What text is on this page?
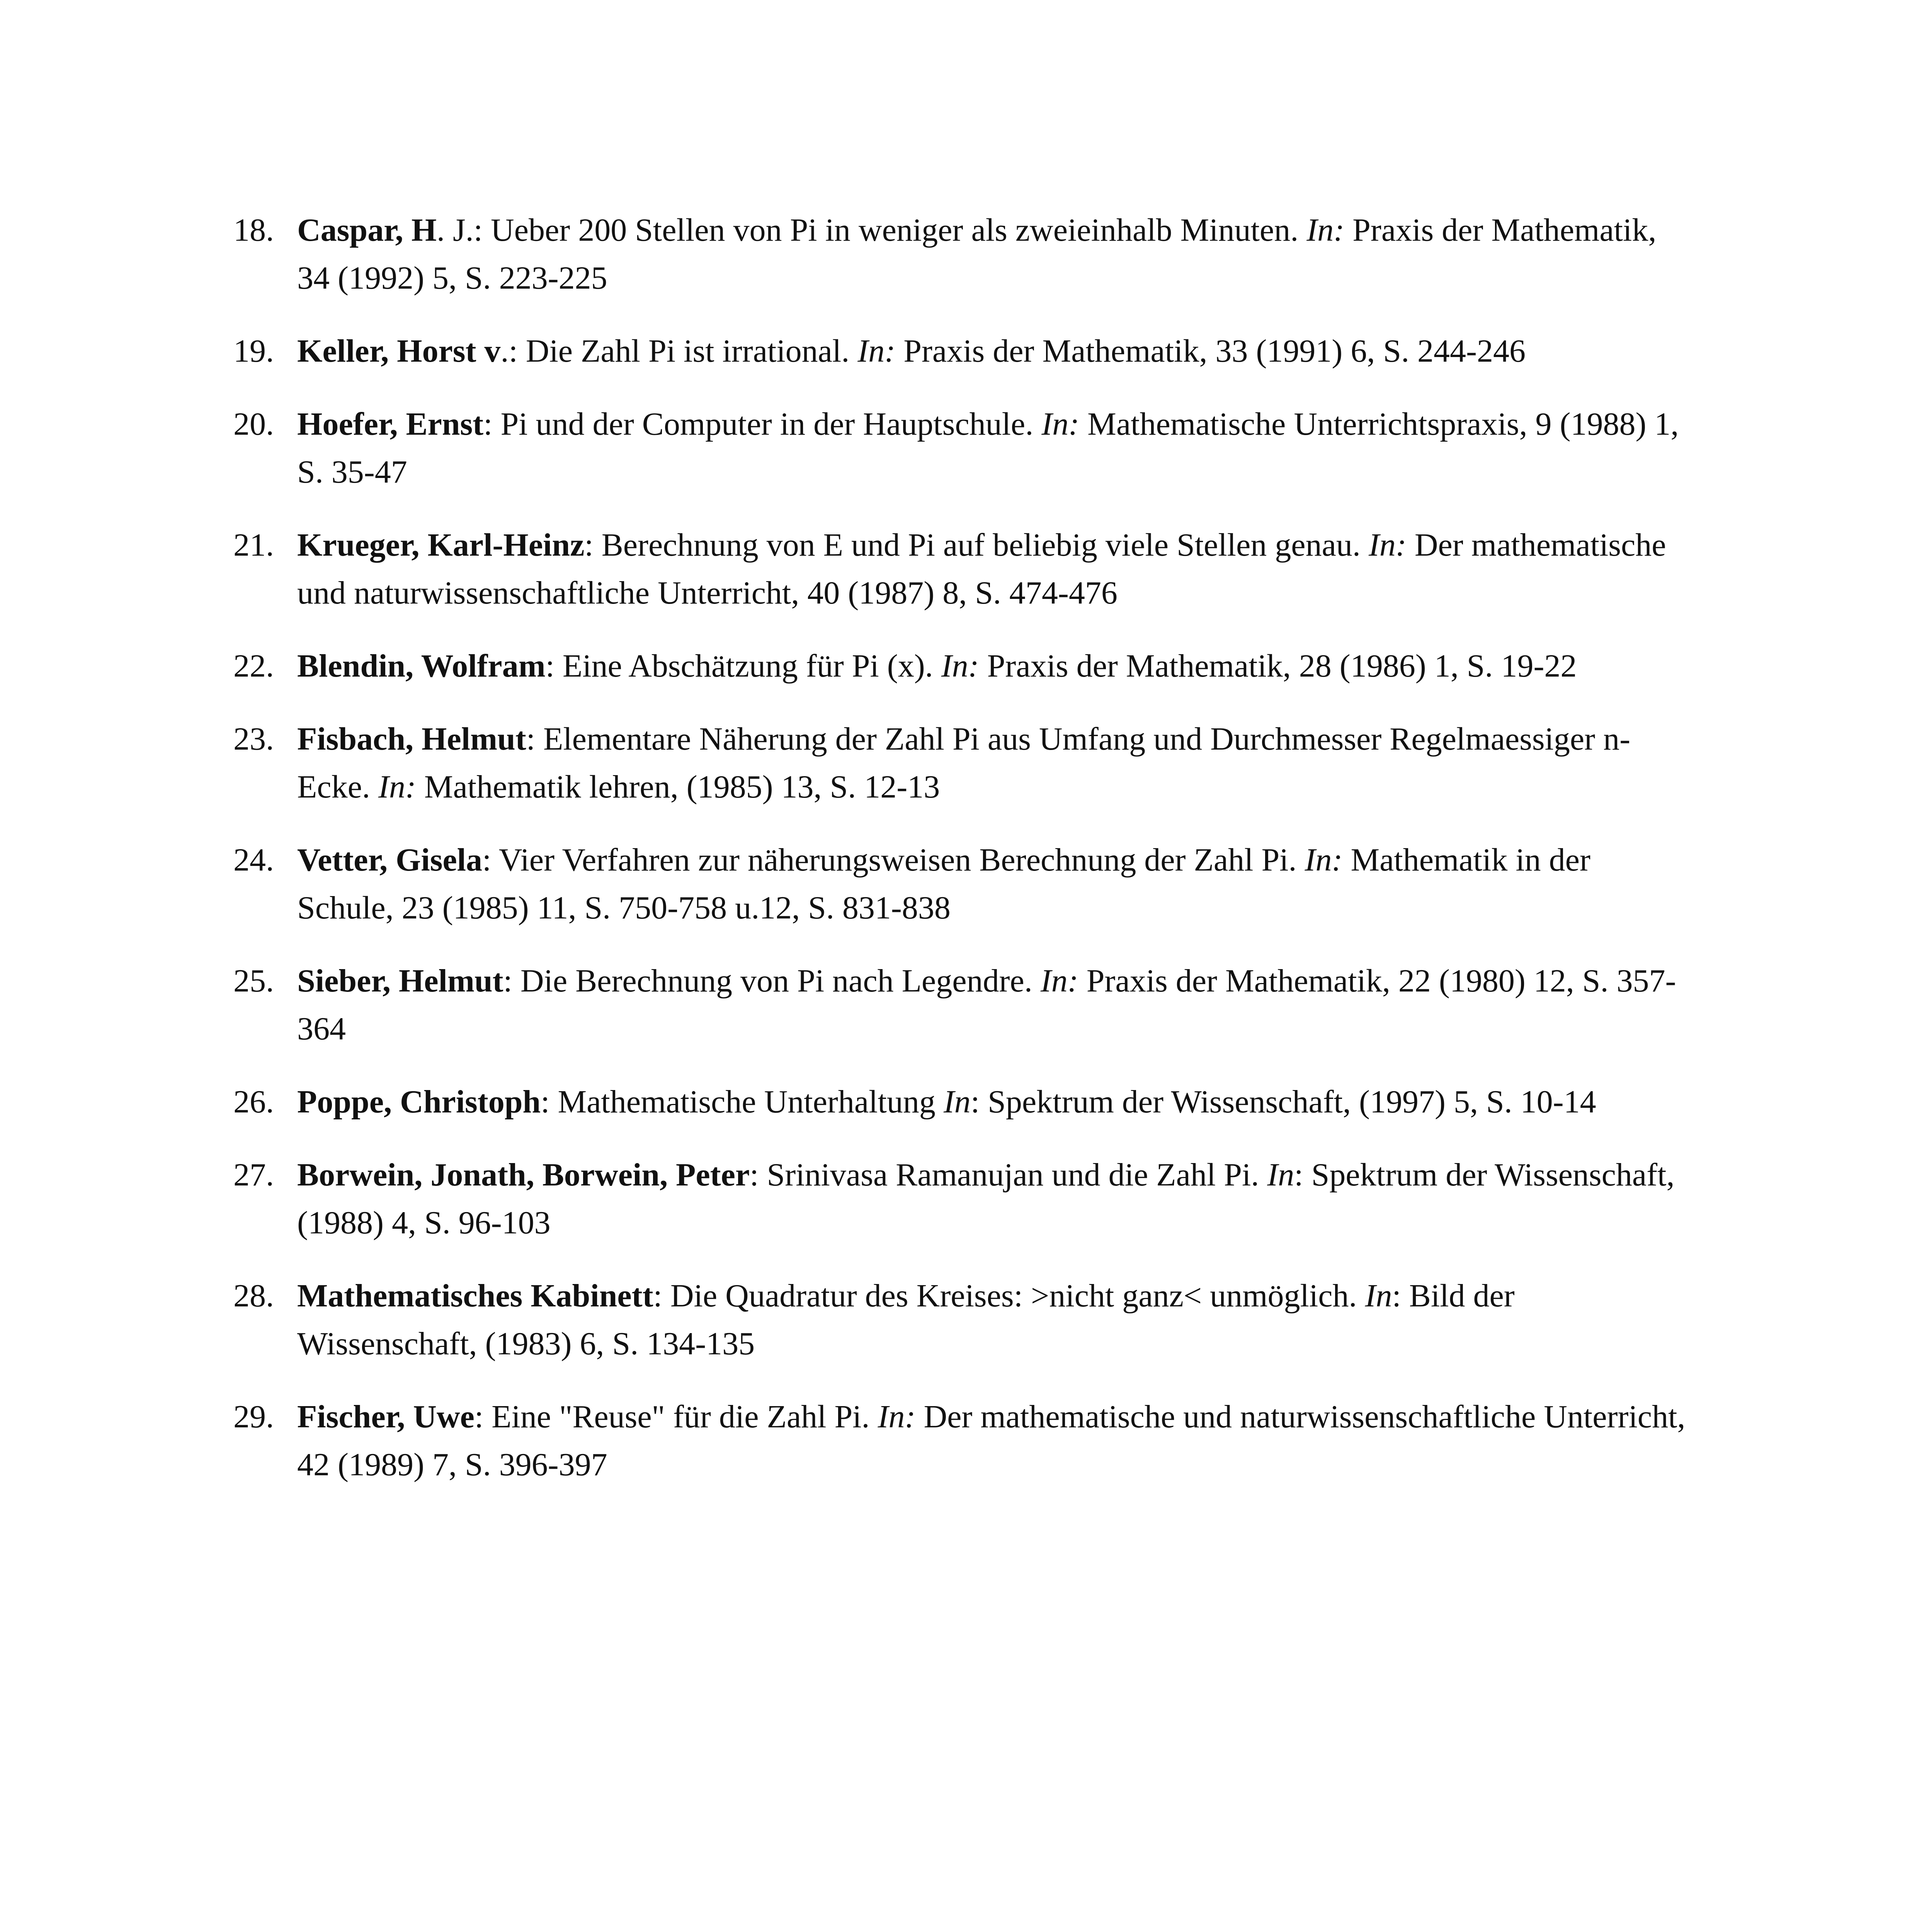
18. Caspar, H. J.: Ueber 200 Stellen von Pi in weniger als zweieinhalb Minuten. In: Praxis der Mathematik, 34 (1992) 5, S. 223-225
19. Keller, Horst v.: Die Zahl Pi ist irrational. In: Praxis der Mathematik, 33 (1991) 6, S. 244-246
20. Hoefer, Ernst: Pi und der Computer in der Hauptschule. In: Mathematische Unterrichtspraxis, 9 (1988) 1, S. 35-47
21. Krueger, Karl-Heinz: Berechnung von E und Pi auf beliebig viele Stellen genau. In: Der mathematische und naturwissenschaftliche Unterricht, 40 (1987) 8, S. 474-476
22. Blendin, Wolfram: Eine Abschätzung für Pi (x). In: Praxis der Mathematik, 28 (1986) 1, S. 19-22
23. Fisbach, Helmut: Elementare Näherung der Zahl Pi aus Umfang und Durchmesser Regelmaessiger n-Ecke. In: Mathematik lehren, (1985) 13, S. 12-13
24. Vetter, Gisela: Vier Verfahren zur näherungsweisen Berechnung der Zahl Pi. In: Mathematik in der Schule, 23 (1985) 11, S. 750-758 u.12, S. 831-838
25. Sieber, Helmut: Die Berechnung von Pi nach Legendre. In: Praxis der Mathematik, 22 (1980) 12, S. 357-364
26. Poppe, Christoph: Mathematische Unterhaltung In: Spektrum der Wissenschaft, (1997) 5, S. 10-14
27. Borwein, Jonath, Borwein, Peter: Srinivasa Ramanujan und die Zahl Pi. In: Spektrum der Wissenschaft, (1988) 4, S. 96-103
28. Mathematisches Kabinett: Die Quadratur des Kreises: >nicht ganz< unmöglich. In: Bild der Wissenschaft, (1983) 6, S. 134-135
29. Fischer, Uwe: Eine "Reuse" für die Zahl Pi. In: Der mathematische und naturwissenschaftliche Unterricht, 42 (1989) 7, S. 396-397
